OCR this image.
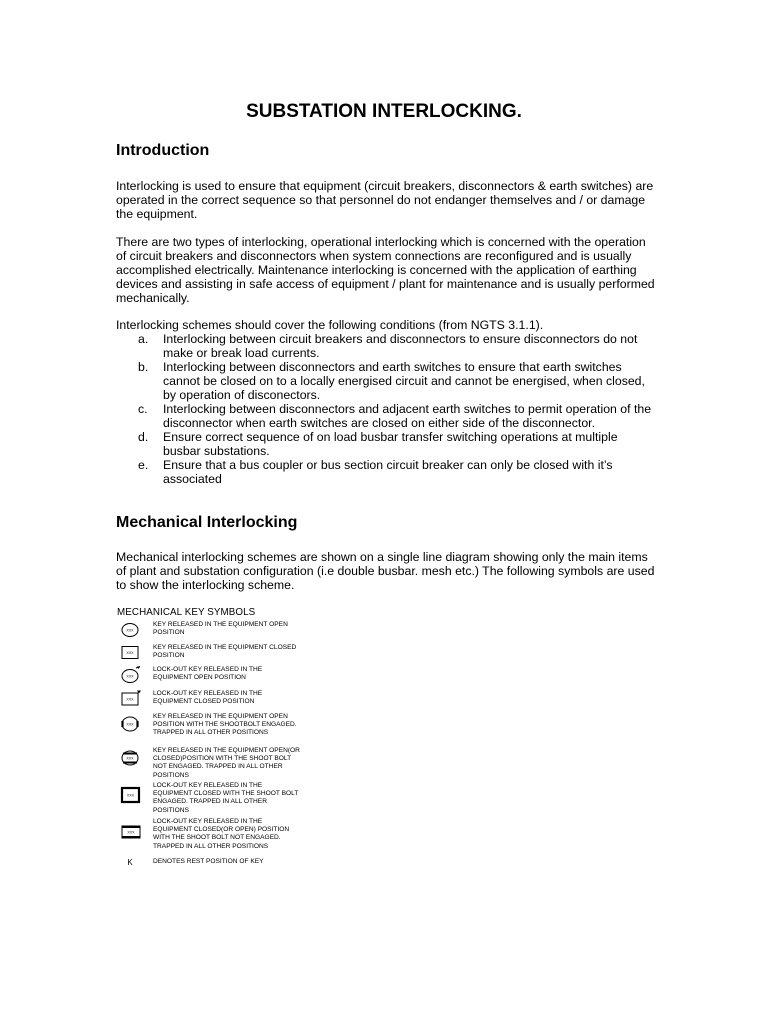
SUBSTATION INTERLOCKING.
Introduction
Interlocking is used to ensure that equipment (circuit breakers, disconnectors & earth switches) are operated in the correct sequence so that personnel do not endanger themselves and / or damage the equipment.
There are two types of interlocking, operational interlocking which is concerned with the operation of circuit breakers and disconnectors when system connections are reconfigured and is usually accomplished electrically. Maintenance interlocking is concerned with the application of earthing devices and assisting in safe access of equipment / plant for maintenance and is usually performed mechanically.
Interlocking schemes should cover the following conditions (from NGTS 3.1.1).
a. Interlocking between circuit breakers and disconnectors to ensure disconnectors do not make or break load currents.
b. Interlocking between disconnectors and earth switches to ensure that earth switches cannot be closed on to a locally energised circuit and cannot be energised, when closed, by operation of disconectors.
c. Interlocking between disconnectors and adjacent earth switches to permit operation of the disconnector when earth switches are closed on either side of the disconnector.
d. Ensure correct sequence of on load busbar transfer switching operations at multiple busbar substations.
e. Ensure that a bus coupler or bus section circuit breaker can only be closed with it’s associated
Mechanical Interlocking
Mechanical interlocking schemes are shown on a single line diagram showing only the main items of plant and substation configuration (i.e double busbar. mesh etc.) The following symbols are used to show the interlocking scheme.
MECHANICAL KEY SYMBOLS
XXX
KEY RELEASED IN THE EQUIPMENT OPEN POSITION
XXX
KEY RELEASED IN THE EQUIPMENT CLOSED POSITION
XXX
LOCK-OUT KEY RELEASED IN THE EQUIPMENT OPEN POSITION
XXX
LOCK-OUT KEY RELEASED IN THE EQUIPMENT CLOSED POSITION
XXX
KEY RELEASED IN THE EQUIPMENT OPEN POSITION WITH THE SHOOTBOLT ENGAGED. TRAPPED IN ALL OTHER POSITIONS
XXX
KEY RELEASED IN THE EQUIPMENT OPEN(OR CLOSED)POSITION WITH THE SHOOT BOLT NOT ENGAGED. TRAPPED IN ALL OTHER POSITIONS
XXX
LOCK-OUT KEY RELEASED IN THE EQUIPMENT CLOSED WITH THE SHOOT BOLT ENGAGED. TRAPPED IN ALL OTHER POSITIONS
XXX
LOCK-OUT KEY RELEASED IN THE EQUIPMENT CLOSED(OR OPEN) POSITION WITH THE SHOOT BOLT NOT ENGAGED. TRAPPED IN ALL OTHER POSITIONS
K	DENOTES REST POSITION OF KEY
